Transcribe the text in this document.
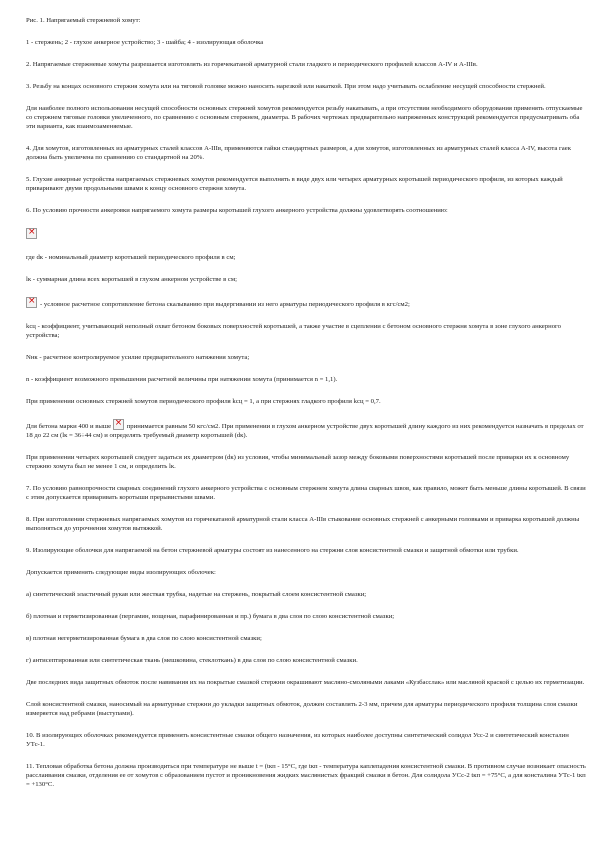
Рис. 1. Напрягаемый стержневой хомут:

1 - стержень; 2 - глухое анкерное устройство; 3 - шайба; 4 - изолирующая оболочка

2. Напрягаемые стержневые хомуты разрешается изготовлять из горячекатаной арматурной стали гладкого и периодического профилей классов A-IV и A-IIIв.

3. Резьбу на концах основного стержня хомута или на тяговой головке можно наносить нарезкой или накаткой. При этом надо учитывать ослабление несущей способности стержней.

Для наиболее полного использования несущей способности основных стержней хомутов рекомендуется резьбу накатывать, а при отсутствии необходимого оборудования применять отпускаемые со стержнем тяговые головки увеличенного, по сравнению с основным стержнем, диаметра. В рабочих чертежах предварительно напряженных конструкций рекомендуется предусматривать оба эти варианта, как взаимозаменяемые.

4. Для хомутов, изготовленных из арматурных сталей классов A-IIIв, применяются гайки стандартных размеров, а для хомутов, изготовленных из арматурных сталей класса A-IV, высота гаек должна быть увеличена по сравнению со стандартной на 20%.

5. Глухие анкерные устройства напрягаемых стержневых хомутов рекомендуется выполнять в виде двух или четырех арматурных коротышей периодического профиля, из которых каждый приваривают двумя продольными швами к концу основного стержня хомута.

6. По условию прочности анкеровки напрягаемого хомута размеры коротышей глухого анкерного устройства должны удовлетворять соотношению:

×

где dк - номинальный диаметр коротышей периодического профиля в см;

lк - суммарная длина всех коротышей в глухом анкерном устройстве в см;

×- условное расчетное сопротивление бетона скалыванию при выдергивании из него арматуры периодического профиля в кгс/см2;

kсц - коэффициент, учитывающий неполный охват бетоном боковых поверхностей коротышей, а также участие в сцеплении с бетоном основного стержня хомута в зоне глухого анкерного устройства;

Nнк - расчетное контролируемое усилие предварительного натяжения хомута;

n - коэффициент возможного превышения расчетной величины при натяжении хомута (принимается n = 1,1).

При применении основных стержней хомутов периодического профиля kсц = 1, а при стержнях гладкого профиля kсц = 0,7.

Для бетона марки 400 и выше × принимается равным 50 кгс/см2. При применении в глухом анкерном устройстве двух коротышей длину каждого из них рекомендуется назначать в пределах от 18 до 22 см (lк = 36÷44 см) и определять требуемый диаметр коротышей (dк).

При применении четырех коротышей следует задаться их диаметром (dк) из условия, чтобы минимальный зазор между боковыми поверхностями коротышей после приварки их к основному стержню хомута был не менее 1 см, и определить lк.

7. По условию равнопрочности сварных соединений глухого анкерного устройства с основным стержнем хомута длина сварных швов, как правило, может быть меньше длины коротышей. В связи с этим допускается приваривать коротыши прерывистыми швами.

8. При изготовлении стержневых напрягаемых хомутов из горячекатаной арматурной стали класса A-IIIв стыкование основных стержней с анкерными головками и приварка коротышей должны выполняться до упрочнения хомутов вытяжкой.

9. Изолирующие оболочки для напрягаемой на бетон стержневой арматуры состоят из нанесенного на стержни слоя консистентной смазки и защитной обмотки или трубки.

Допускается применять следующие виды изолирующих оболочек:

а) синтетический эластичный рукав или жесткая трубка, надетые на стержень, покрытый слоем консистентной смазки;

б) плотная и герметизированная (пергамин, вощеная, парафинированная и пр.) бумага в два слоя по слою консистентной смазки;

в) плотная негерметизированная бумага в два слоя по слою консистентной смазки;

г) антисептированная или синтетическая ткань (мешковина, стеклоткань) в два слоя по слою консистентной смазки.

Две последних вида защитных обмоток после навивания их на покрытые смазкой стержни окрашивают масляно-смоляными лаками «Кузбасслак» или масляной краской с целью их герметизации.

Слой консистентной смазки, наносимый на арматурные стержни до укладки защитных обмоток, должен составлять 2-3 мм, причем для арматуры периодического профиля толщина слоя смазки измеряется над ребрами (выступами).

10. В изолирующих оболочках рекомендуется применять консистентные смазки общего назначения, из которых наиболее доступны синтетический солидол Усс-2 и синтетический консталин УТс-1.

11. Тепловая обработка бетона должна производиться при температуре не выше t = (tкп - 15°С, где tкп - температура каплепадения консистентной смазки. В противном случае возникает опасность расслаивания смазки, отделения ее от хомутов с образованием пустот и проникновения жидких маслянистых фракций смазки в бетон. Для солидола УСс-2 tкп = +75°С, а для консталина УТс-1 tкп = +130°С.
